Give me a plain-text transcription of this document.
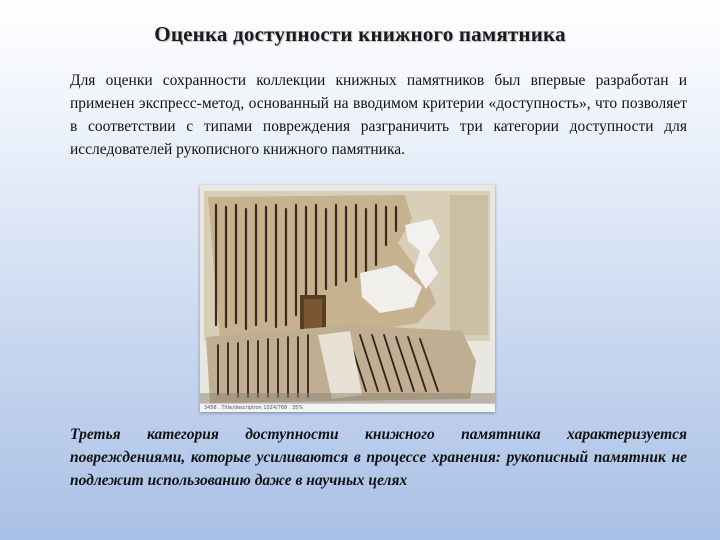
Оценка доступности книжного памятника
Для оценки сохранности коллекции книжных памятников был впервые разработан и применен экспресс-метод, основанный на вводимом критерии «доступность», что позволяет в соответствии с типами повреждения разграничить три категории доступности для исследователей рукописного книжного памятника.
3456 . Title/description 1024/768 . 35%
Третья категория доступности книжного памятника характеризуется повреждениями, которые усиливаются в процессе хранения: рукописный памятник не подлежит использованию даже в научных целях
